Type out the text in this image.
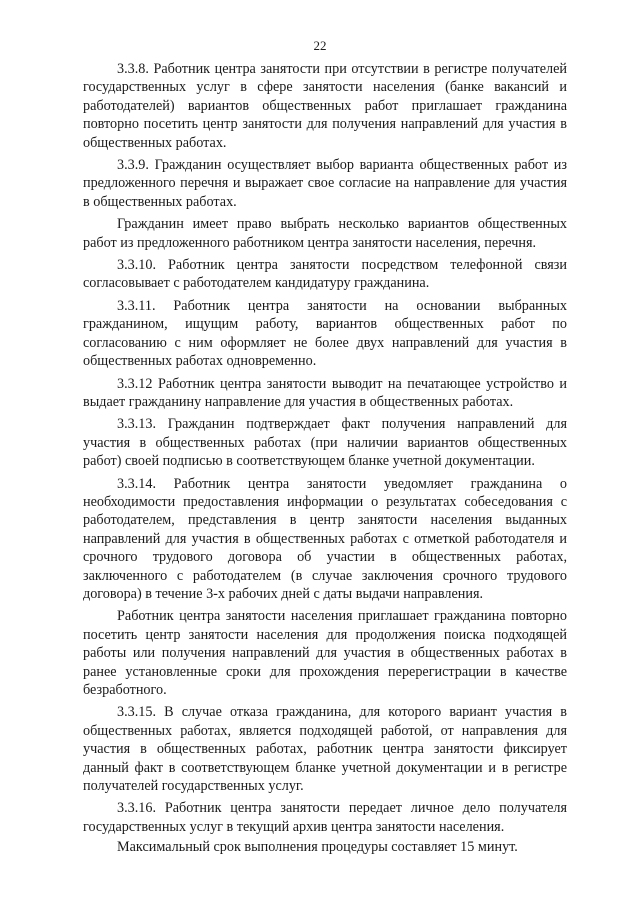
22

3.3.8. Работник центра занятости при отсутствии в регистре получателей государственных услуг в сфере занятости населения (банке вакансий и работодателей) вариантов общественных работ приглашает гражданина повторно посетить центр занятости для получения направлений для участия в общественных работах.

3.3.9. Гражданин осуществляет выбор варианта общественных работ из предложенного перечня и выражает свое согласие на направление для участия в общественных работах.

Гражданин имеет право выбрать несколько вариантов общественных работ из предложенного работником центра занятости населения, перечня.

3.3.10. Работник центра занятости посредством телефонной связи согласовывает с работодателем кандидатуру гражданина.

3.3.11. Работник центра занятости на основании выбранных гражданином, ищущим работу, вариантов общественных работ по согласованию с ним оформляет не более двух направлений для участия в общественных работах одновременно.

3.3.12 Работник центра занятости выводит на печатающее устройство и выдает гражданину направление для участия в общественных работах.

3.3.13. Гражданин подтверждает факт получения направлений для участия в общественных работах (при наличии вариантов общественных работ) своей подписью в соответствующем бланке учетной документации.

3.3.14. Работник центра занятости уведомляет гражданина о необходимости предоставления информации о результатах собеседования с работодателем, представления в центр занятости населения выданных направлений для участия в общественных работах с отметкой работодателя и срочного трудового договора об участии в общественных работах, заключенного с работодателем (в случае заключения срочного трудового договора) в течение 3-х рабочих дней с даты выдачи направления.

Работник центра занятости населения приглашает гражданина повторно посетить центр занятости населения для продолжения поиска подходящей работы или получения направлений для участия в общественных работах в ранее установленные сроки для прохождения перерегистрации в качестве безработного.

3.3.15. В случае отказа гражданина, для которого вариант участия в общественных работах, является подходящей работой, от направления для участия в общественных работах, работник центра занятости фиксирует данный факт в соответствующем бланке учетной документации и в регистре получателей государственных услуг.

3.3.16. Работник центра занятости передает личное дело получателя государственных услуг в текущий архив центра занятости населения.

Максимальный срок выполнения процедуры составляет 15 минут.
